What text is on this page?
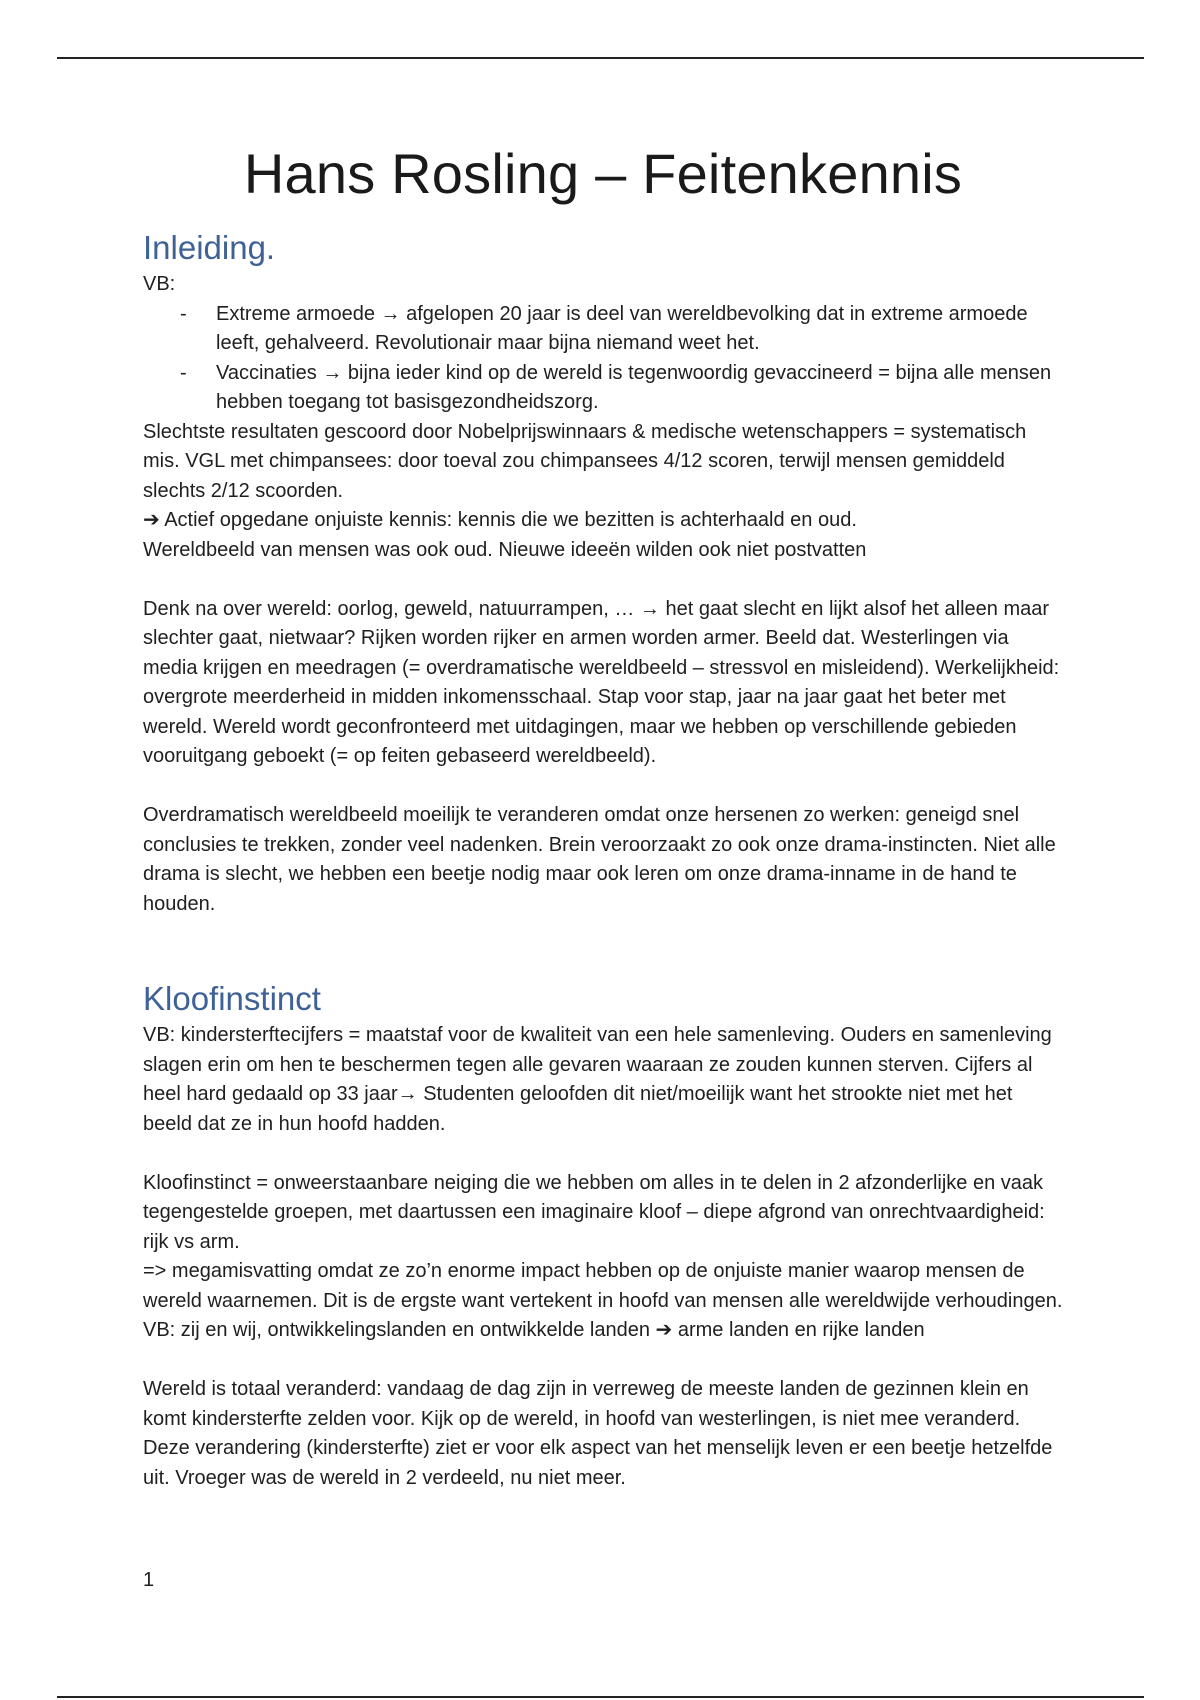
Hans Rosling – Feitenkennis
Inleiding.

VB:

- Extreme armoede → afgelopen 20 jaar is deel van wereldbevolking dat in extreme armoede leeft, gehalveerd. Revolutionair maar bijna niemand weet het.
- Vaccinaties → bijna ieder kind op de wereld is tegenwoordig gevaccineerd = bijna alle mensen hebben toegang tot basisgezondheidszorg.

Slechtste resultaten gescoord door Nobelprijswinnaars & medische wetenschappers = systematisch mis. VGL met chimpansees: door toeval zou chimpansees 4/12 scoren, terwijl mensen gemiddeld slechts 2/12 scoorden.

➔ Actief opgedane onjuiste kennis: kennis die we bezitten is achterhaald en oud.

Wereldbeeld van mensen was ook oud. Nieuwe ideeën wilden ook niet postvatten

Denk na over wereld: oorlog, geweld, natuurrampen, … → het gaat slecht en lijkt alsof het alleen maar slechter gaat, nietwaar? Rijken worden rijker en armen worden armer. Beeld dat. Westerlingen via media krijgen en meedragen (= overdramatische wereldbeeld – stressvol en misleidend). Werkelijkheid: overgrote meerderheid in midden inkomensschaal. Stap voor stap, jaar na jaar gaat het beter met wereld. Wereld wordt geconfronteerd met uitdagingen, maar we hebben op verschillende gebieden vooruitgang geboekt (= op feiten gebaseerd wereldbeeld).

Overdramatisch wereldbeeld moeilijk te veranderen omdat onze hersenen zo werken: geneigd snel conclusies te trekken, zonder veel nadenken. Brein veroorzaakt zo ook onze drama-instincten. Niet alle drama is slecht, we hebben een beetje nodig maar ook leren om onze drama-inname in de hand te houden.

Kloofinstinct

VB: kindersterftecijfers = maatstaf voor de kwaliteit van een hele samenleving. Ouders en samenleving slagen erin om hen te beschermen tegen alle gevaren waaraan ze zouden kunnen sterven. Cijfers al heel hard gedaald op 33 jaar→ Studenten geloofden dit niet/moeilijk want het strookte niet met het beeld dat ze in hun hoofd hadden.

Kloofinstinct = onweerstaanbare neiging die we hebben om alles in te delen in 2 afzonderlijke en vaak tegengestelde groepen, met daartussen een imaginaire kloof – diepe afgrond van onrechtvaardigheid: rijk vs arm.

=> megamisvatting omdat ze zo’n enorme impact hebben op de onjuiste manier waarop mensen de wereld waarnemen. Dit is de ergste want vertekent in hoofd van mensen alle wereldwijde verhoudingen.

VB: zij en wij, ontwikkelingslanden en ontwikkelde landen ➔ arme landen en rijke landen

Wereld is totaal veranderd: vandaag de dag zijn in verreweg de meeste landen de gezinnen klein en komt kindersterfte zelden voor. Kijk op de wereld, in hoofd van westerlingen, is niet mee veranderd. Deze verandering (kindersterfte) ziet er voor elk aspect van het menselijk leven er een beetje hetzelfde uit. Vroeger was de wereld in 2 verdeeld, nu niet meer.

1
